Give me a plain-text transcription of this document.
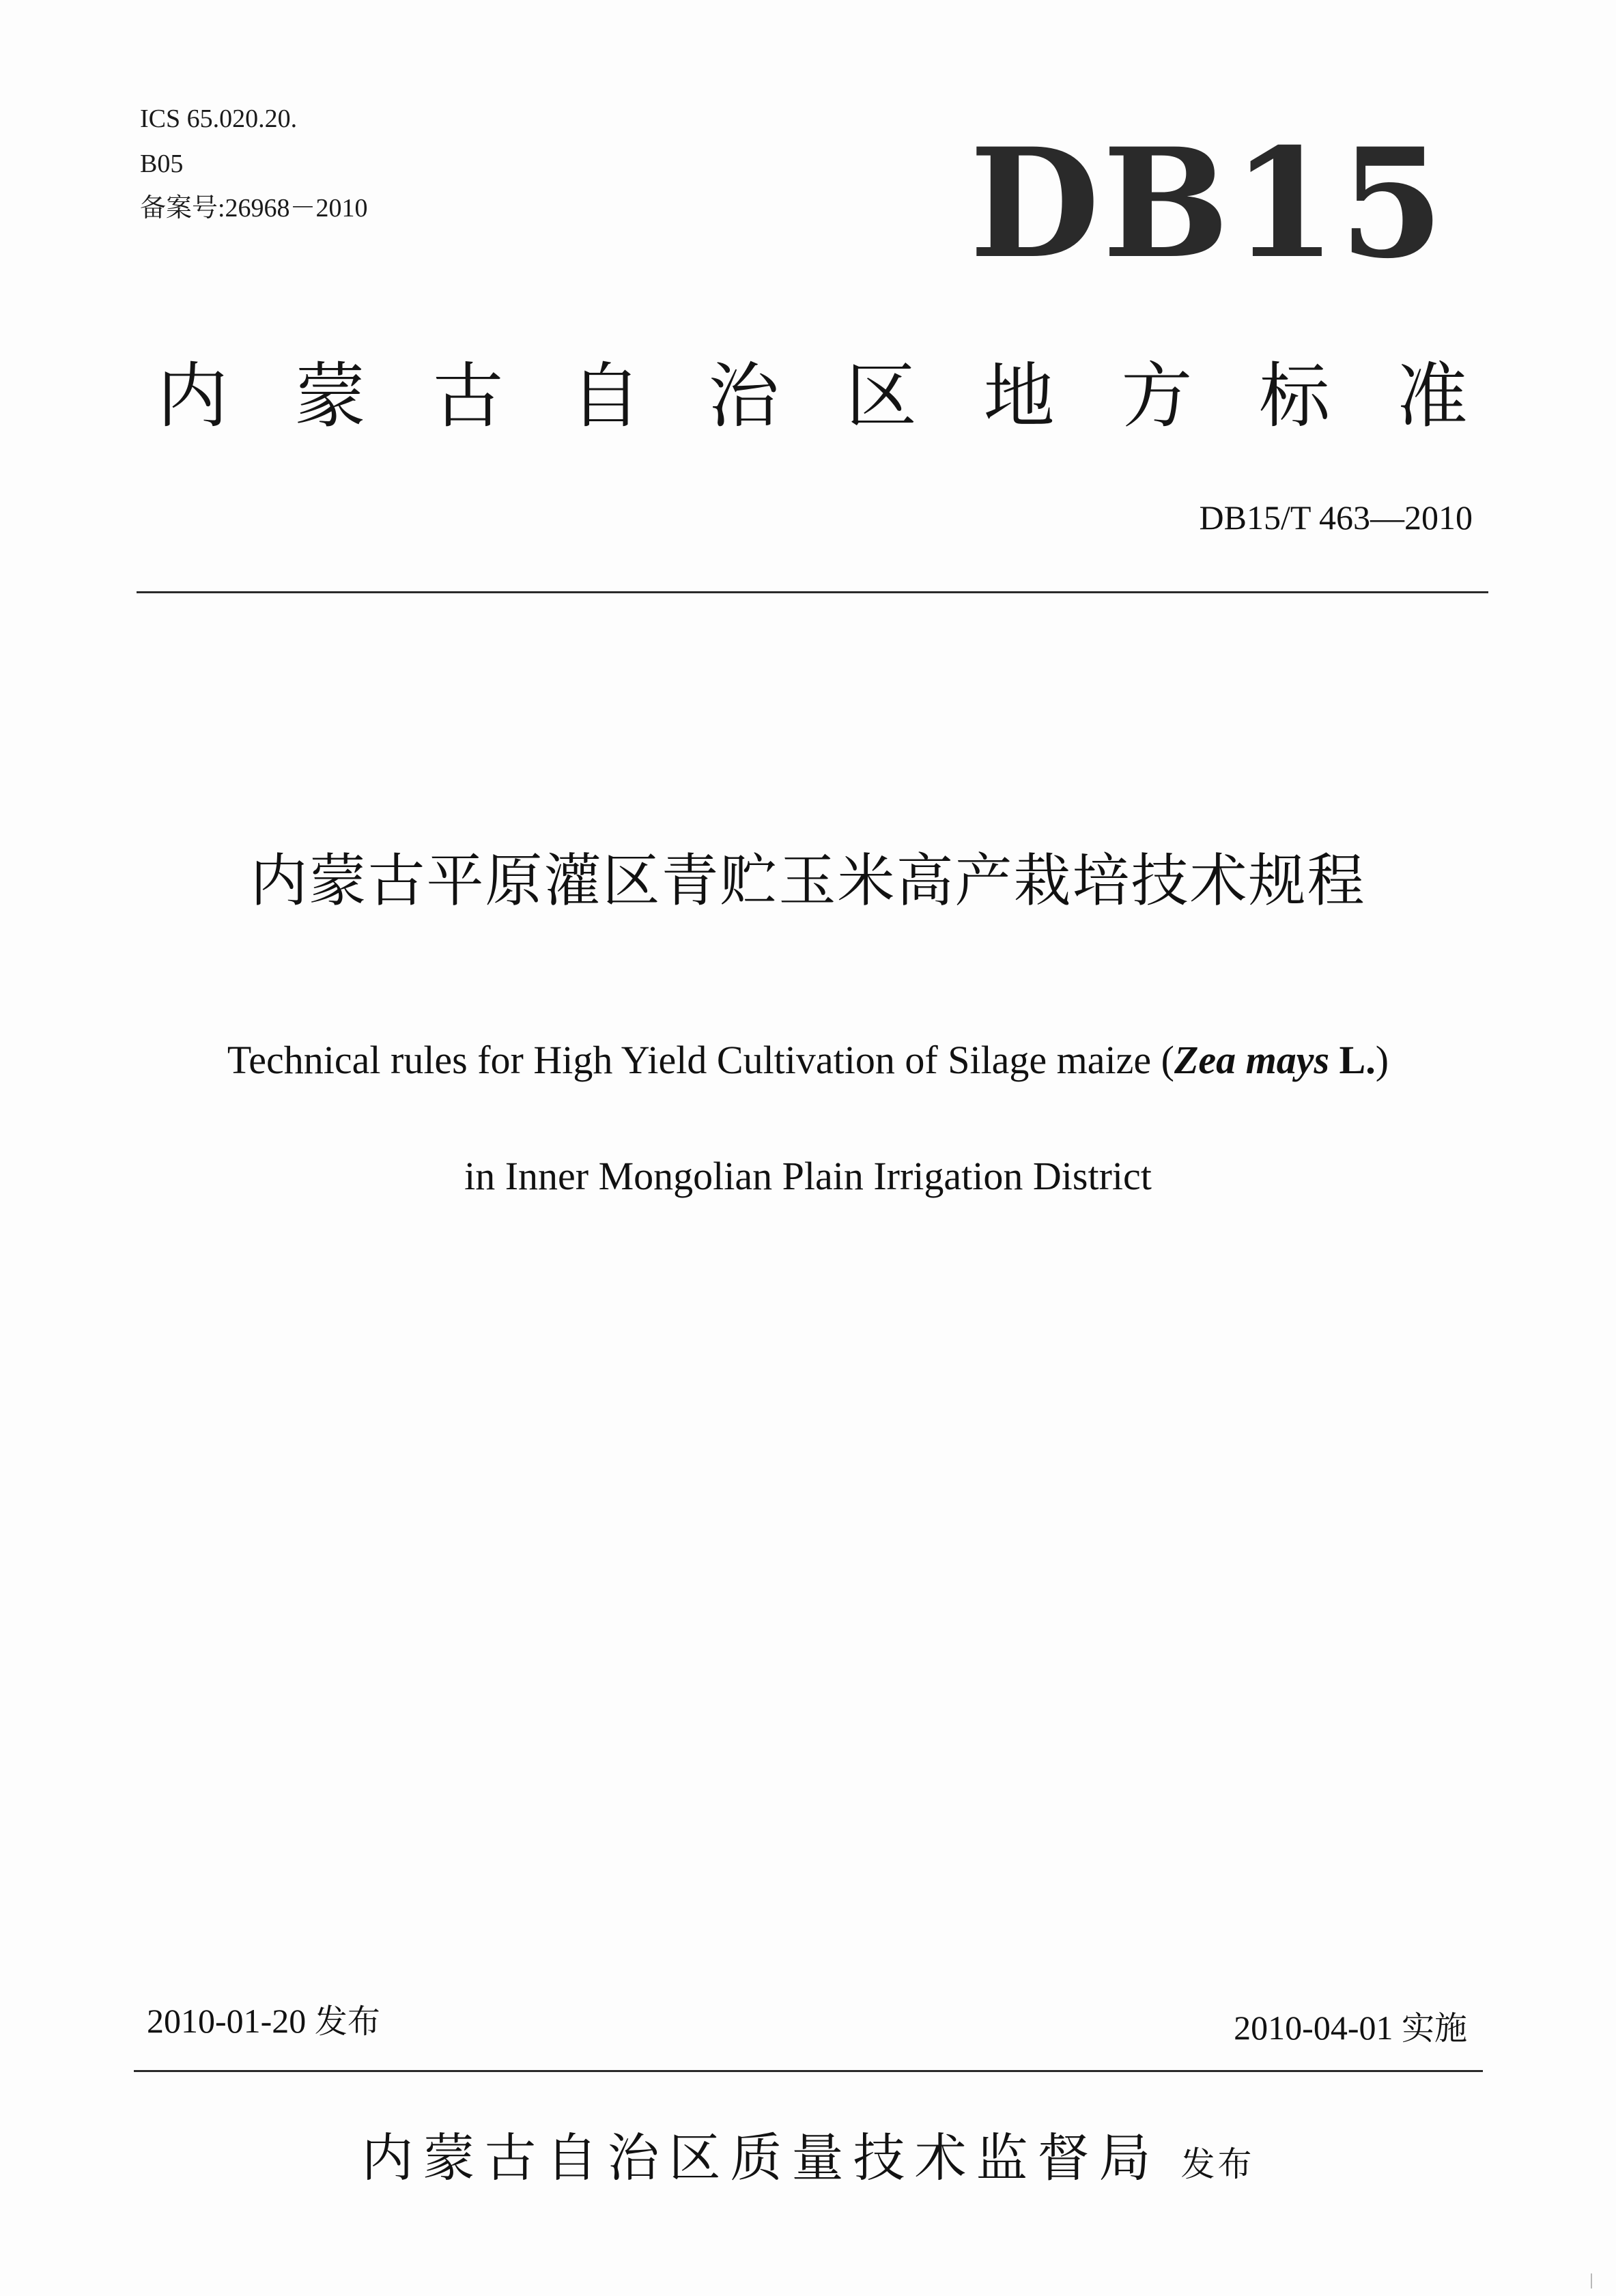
ICS 65.020.20.
B05
备案号:26968－2010	DB15
内 蒙 古 自 治 区 地 方 标 准
DB15/T 463—2010
内蒙古平原灌区青贮玉米高产栽培技术规程
Technical rules for High Yield Cultivation of Silage maize (Zea mays L.)
in Inner Mongolian Plain Irrigation District
2010-01-20 发布	2010-04-01 实施
内蒙古自治区质量技术监督局 发布
